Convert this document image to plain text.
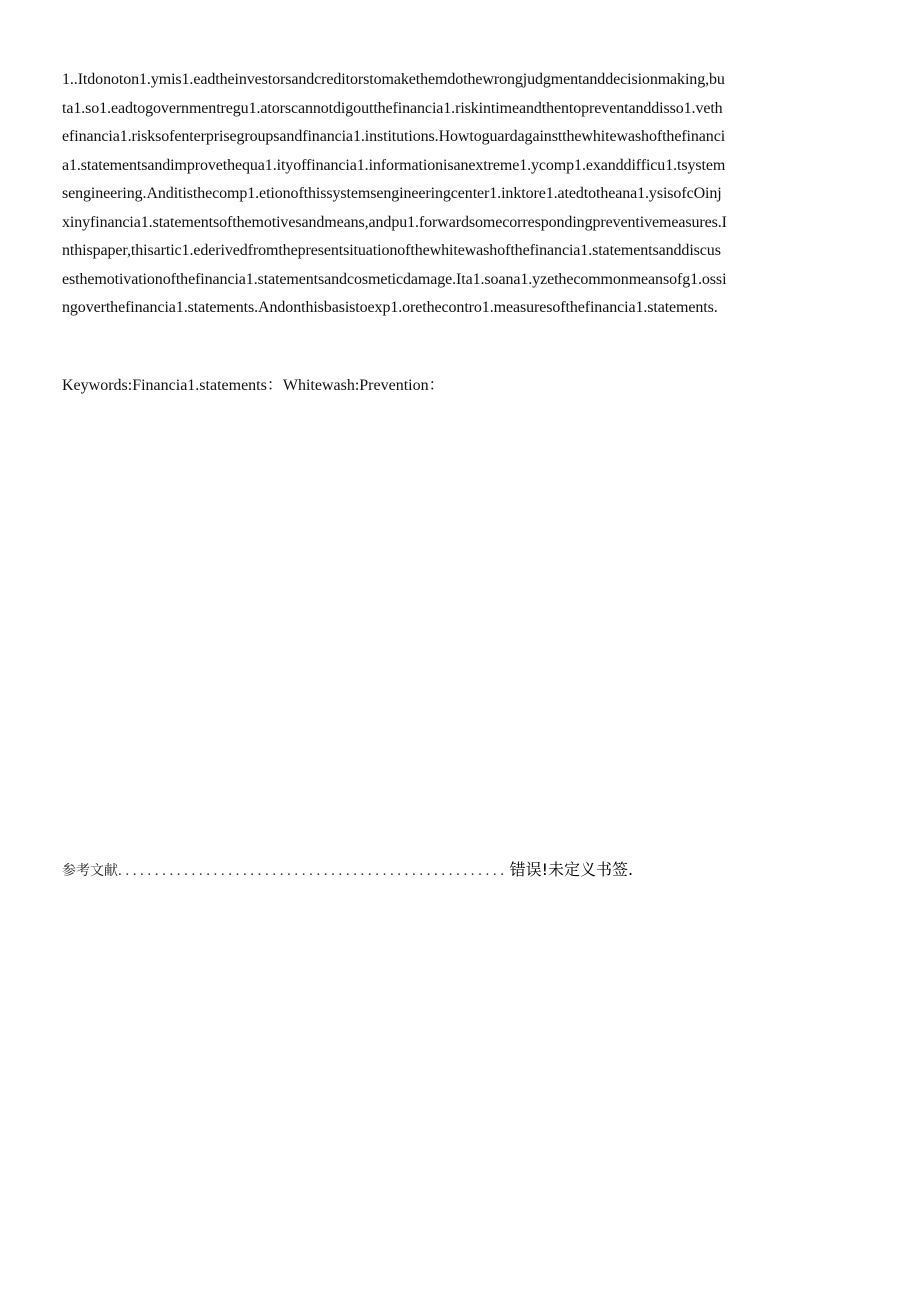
1..Itdonoton1.ymis1.eadtheinvestorsandcreditorstomakethemdothewrongjudgmentanddecisionmaking,bu
ta1.so1.eadtogovernmentregu1.atorscannotdigoutthefinancia1.riskintimeandthentopreventanddisso1.veth
efinancia1.risksofenterprisegroupsandfinancia1.institutions.Howtoguardagainstthewhitewashofthefinanci
a1.statementsandimprovethequa1.ityoffinancia1.informationisanextreme1.ycomp1.exanddifficu1.tsystem
sengineering.Anditisthecomp1.etionofthissystemsengineeringcenter1.inktore1.atedtotheana1.ysisofcOinj
xinyfinancia1.statementsofthemotivesandmeans,andpu1.forwardsomecorrespondingpreventivemeasures.I
nthispaper,thisartic1.ederivedfromthepresentsituationofthewhitewashofthefinancia1.statementsanddiscus
esthemotivationofthefinancia1.statementsandcosmeticdamage.Ita1.soana1.yzethecommonmeansofg1.ossi
ngoverthefinancia1.statements.Andonthisbasistoexp1.orethecontro1.measuresofthefinancia1.statements.
Keywords:Financia1.statements：Whitewash:Prevention：
参考文献 ..................................................... 错误!未定义书签.
